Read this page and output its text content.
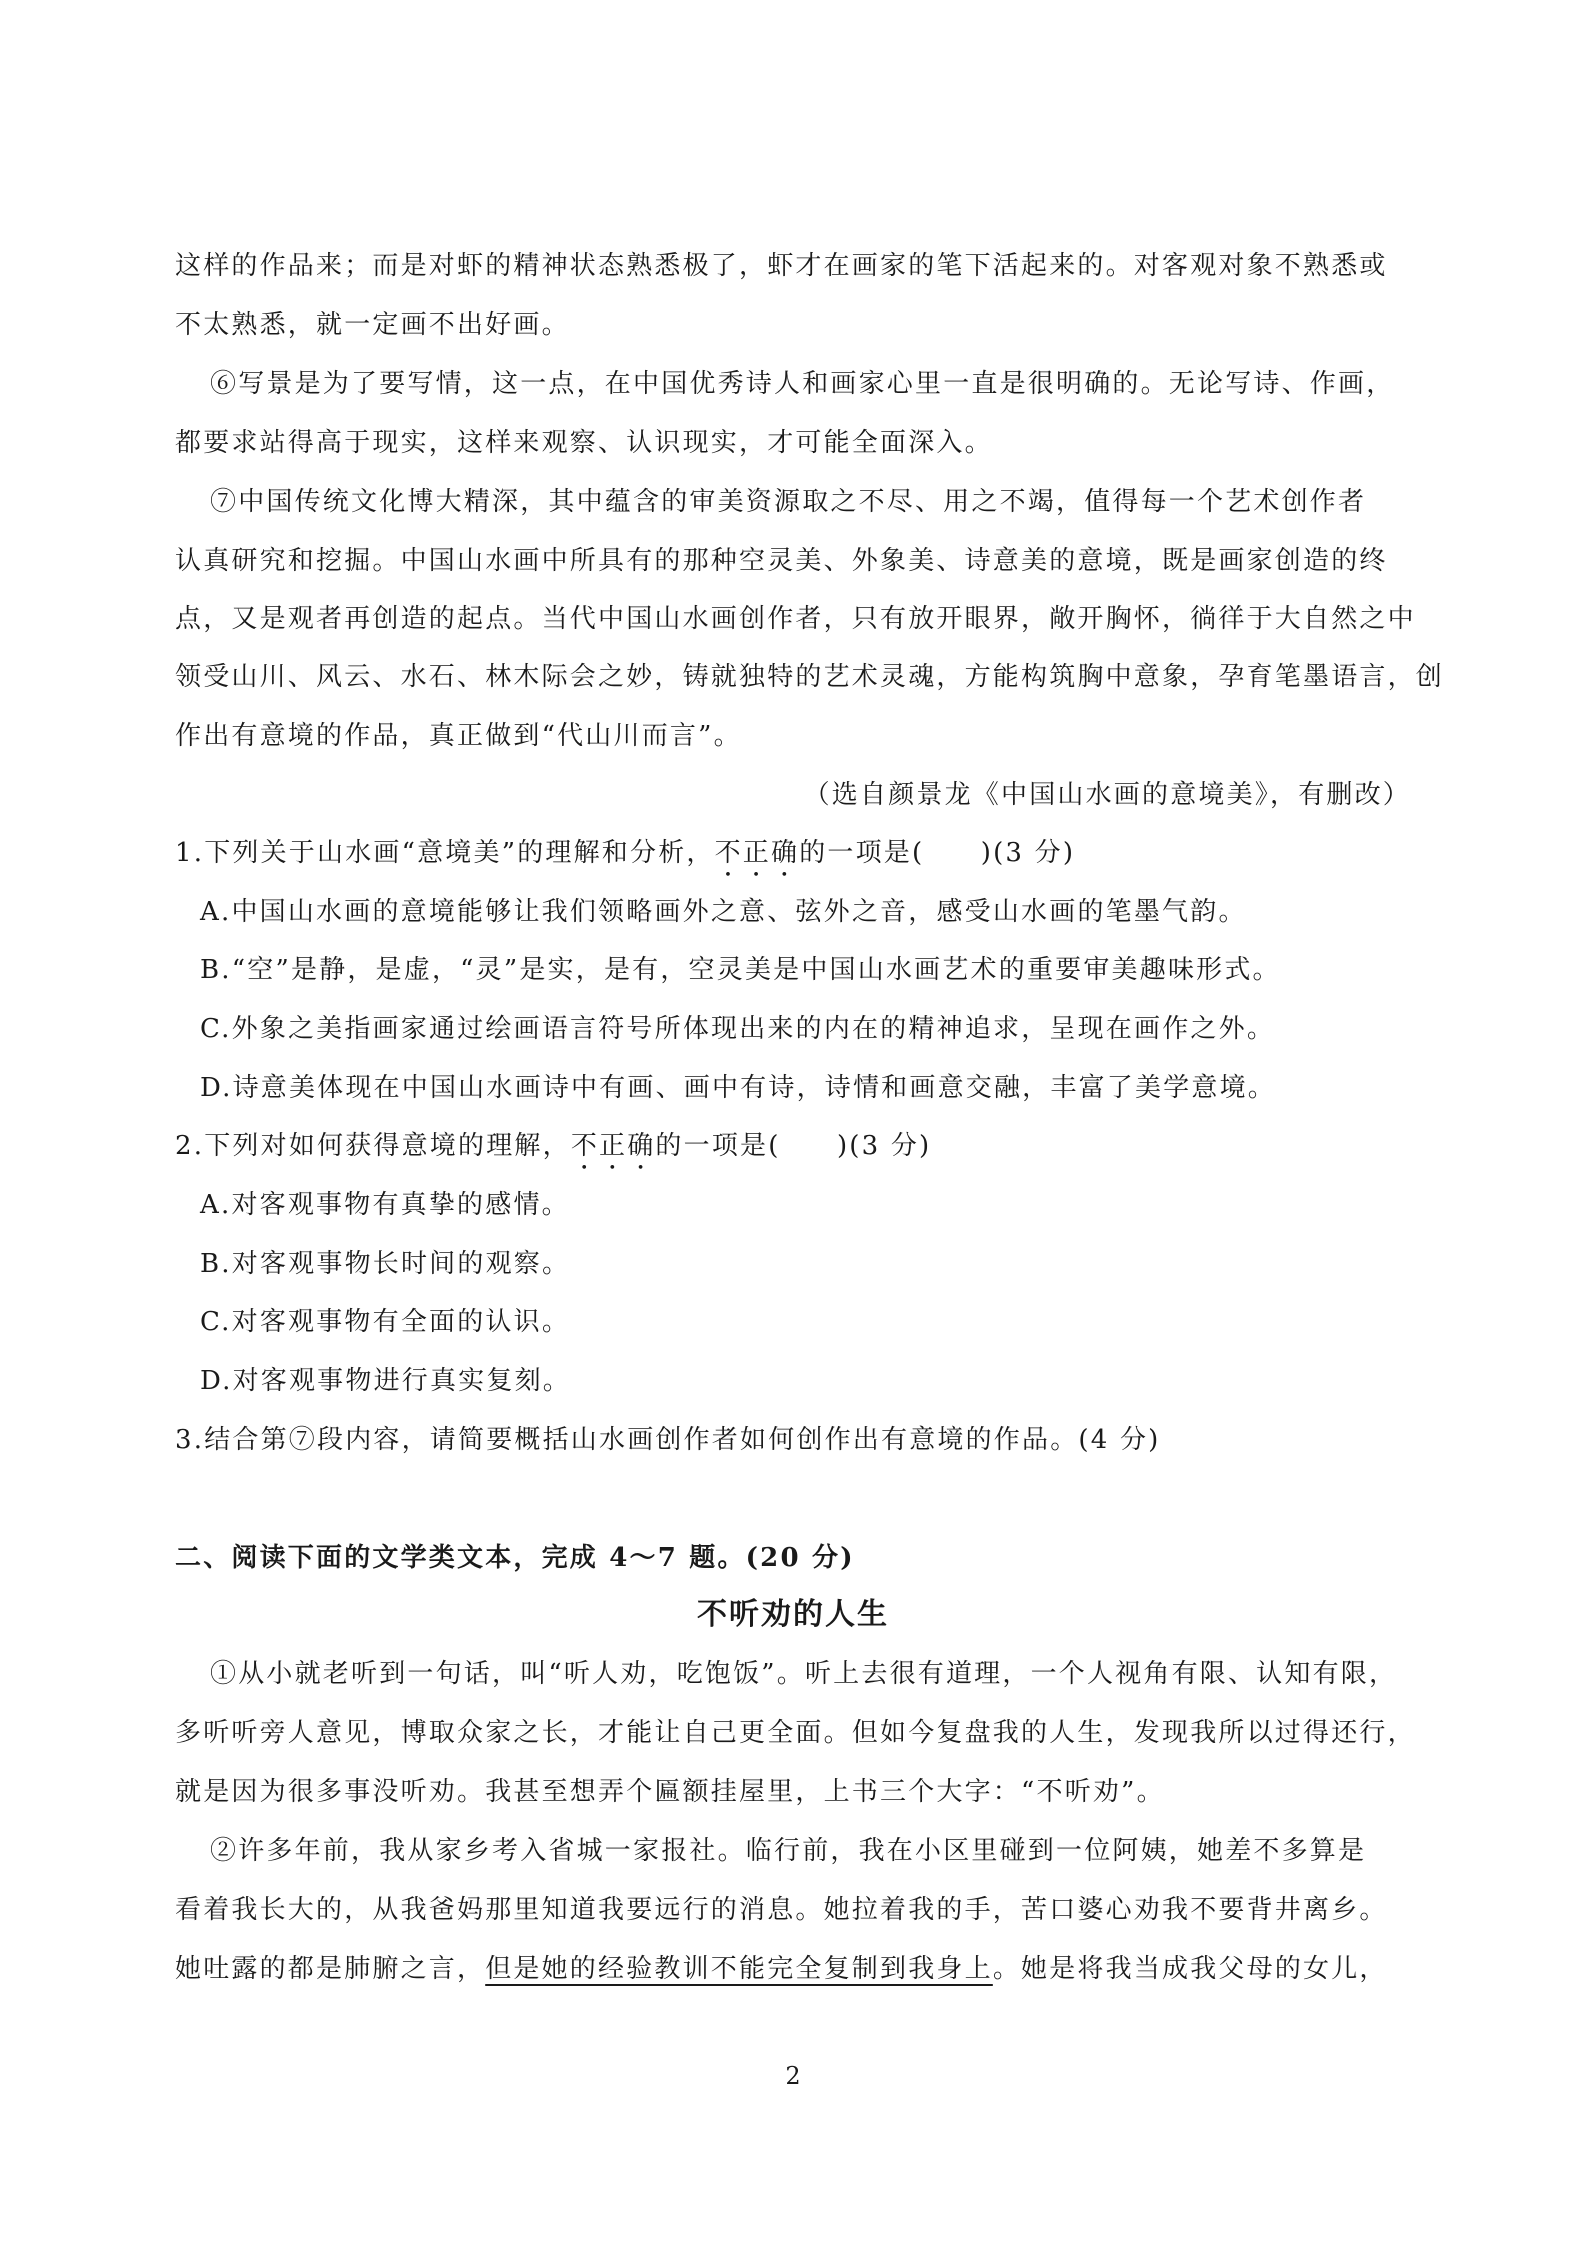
这样的作品来；而是对虾的精神状态熟悉极了，虾才在画家的笔下活起来的。对客观对象不熟悉或
不太熟悉，就一定画不出好画。
⑥写景是为了要写情，这一点，在中国优秀诗人和画家心里一直是很明确的。无论写诗、作画，
都要求站得高于现实，这样来观察、认识现实，才可能全面深入。
⑦中国传统文化博大精深，其中蕴含的审美资源取之不尽、用之不竭，值得每一个艺术创作者
认真研究和挖掘。中国山水画中所具有的那种空灵美、外象美、诗意美的意境，既是画家创造的终
点，又是观者再创造的起点。当代中国山水画创作者，只有放开眼界，敞开胸怀，徜徉于大自然之中
领受山川、风云、水石、林木际会之妙，铸就独特的艺术灵魂，方能构筑胸中意象，孕育笔墨语言，创
作出有意境的作品，真正做到“代山川而言”。
（选自颜景龙《中国山水画的意境美》，有删改）
1.下列关于山水画“意境美”的理解和分析，不正确的一项是(　　)(3 分)
A.中国山水画的意境能够让我们领略画外之意、弦外之音，感受山水画的笔墨气韵。
B.“空”是静，是虚，“灵”是实，是有，空灵美是中国山水画艺术的重要审美趣味形式。
C.外象之美指画家通过绘画语言符号所体现出来的内在的精神追求，呈现在画作之外。
D.诗意美体现在中国山水画诗中有画、画中有诗，诗情和画意交融，丰富了美学意境。
2.下列对如何获得意境的理解，不正确的一项是(　　)(3 分)
A.对客观事物有真挚的感情。
B.对客观事物长时间的观察。
C.对客观事物有全面的认识。
D.对客观事物进行真实复刻。
3.结合第⑦段内容，请简要概括山水画创作者如何创作出有意境的作品。(4 分)
二、阅读下面的文学类文本，完成 4～7 题。(20 分)
不听劝的人生
①从小就老听到一句话，叫“听人劝，吃饱饭”。听上去很有道理，一个人视角有限、认知有限，
多听听旁人意见，博取众家之长，才能让自己更全面。但如今复盘我的人生，发现我所以过得还行，
就是因为很多事没听劝。我甚至想弄个匾额挂屋里，上书三个大字：“不听劝”。
②许多年前，我从家乡考入省城一家报社。临行前，我在小区里碰到一位阿姨，她差不多算是
看着我长大的，从我爸妈那里知道我要远行的消息。她拉着我的手，苦口婆心劝我不要背井离乡。
她吐露的都是肺腑之言，但是她的经验教训不能完全复制到我身上。她是将我当成我父母的女儿，
2
